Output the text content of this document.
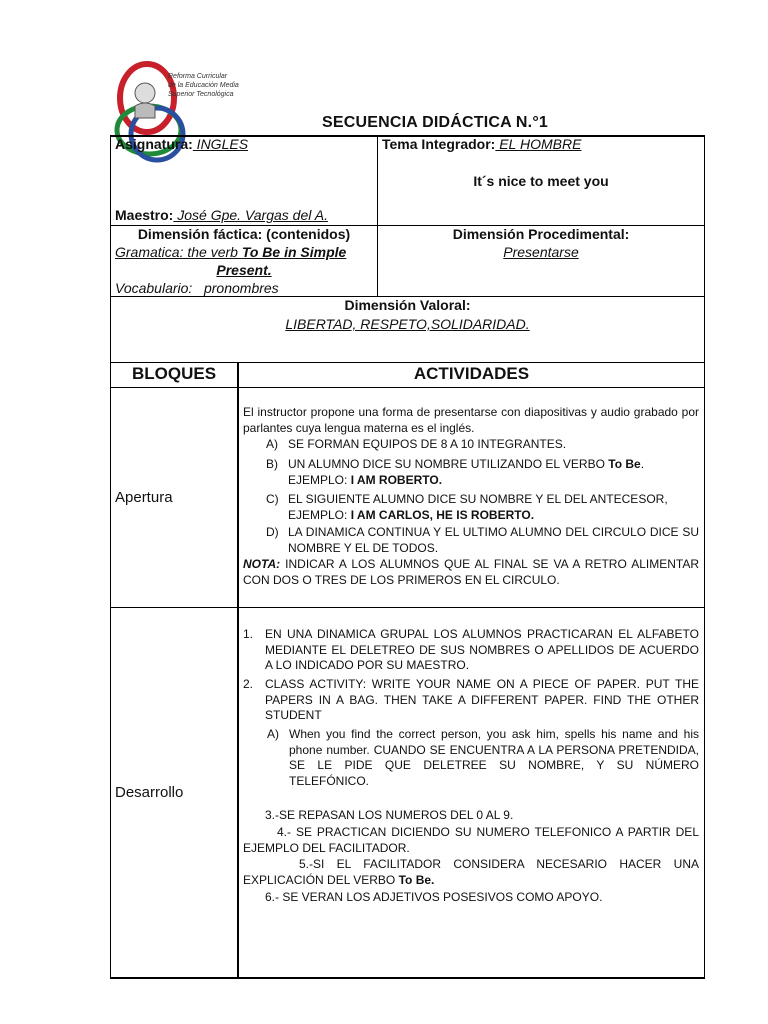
Reforma Curricular
de la Educación Media
Superior Tecnológica
SECUENCIA DIDÁCTICA N.°1
Asignatura: INGLES
Maestro: José Gpe. Vargas del A.
Tema Integrador: EL HOMBRE
It´s nice to meet you
Dimensión fáctica: (contenidos)
Gramatica: the verb To Be in Simple
Present.
Vocabulario:   pronombres
Dimensión Procedimental:
Presentarse
Dimensión Valoral:
LIBERTAD, RESPETO,SOLIDARIDAD.
BLOQUES	ACTIVIDADES
Apertura
El instructor propone una forma de presentarse con diapositivas y audio grabado por parlantes cuya lengua materna es el inglés.
A) SE FORMAN EQUIPOS DE 8 A 10 INTEGRANTES.
B) UN ALUMNO DICE SU NOMBRE UTILIZANDO EL VERBO To Be.
EJEMPLO: I AM ROBERTO.
C) EL SIGUIENTE ALUMNO DICE SU NOMBRE Y EL DEL ANTECESOR,
EJEMPLO: I AM CARLOS, HE IS ROBERTO.
D) LA DINAMICA CONTINUA Y EL ULTIMO ALUMNO DEL CIRCULO DICE SU NOMBRE Y EL DE TODOS.
NOTA: INDICAR A LOS ALUMNOS QUE AL FINAL SE VA A RETRO ALIMENTAR CON DOS O TRES DE LOS PRIMEROS EN EL CIRCULO.
Desarrollo
1. EN UNA DINAMICA GRUPAL LOS ALUMNOS PRACTICARAN EL ALFABETO MEDIANTE EL DELETREO DE SUS NOMBRES O APELLIDOS DE ACUERDO A LO INDICADO POR SU MAESTRO.
2. CLASS ACTIVITY: WRITE YOUR NAME ON A PIECE OF PAPER. PUT THE PAPERS IN A BAG. THEN TAKE A DIFFERENT PAPER. FIND THE OTHER STUDENT
A) When you find the correct person, you ask him, spells his name and his phone number. CUANDO SE ENCUENTRA A LA PERSONA PRETENDIDA, SE LE PIDE QUE DELETREE SU NOMBRE, Y SU NÚMERO TELEFÓNICO.
3.-SE REPASAN LOS NUMEROS DEL 0 AL 9.
4.- SE PRACTICAN DICIENDO SU NUMERO TELEFONICO A PARTIR DEL EJEMPLO DEL FACILITADOR.
5.-SI EL FACILITADOR CONSIDERA NECESARIO HACER UNA EXPLICACIÓN DEL VERBO To Be.
6.- SE VERAN LOS ADJETIVOS POSESIVOS COMO APOYO.
